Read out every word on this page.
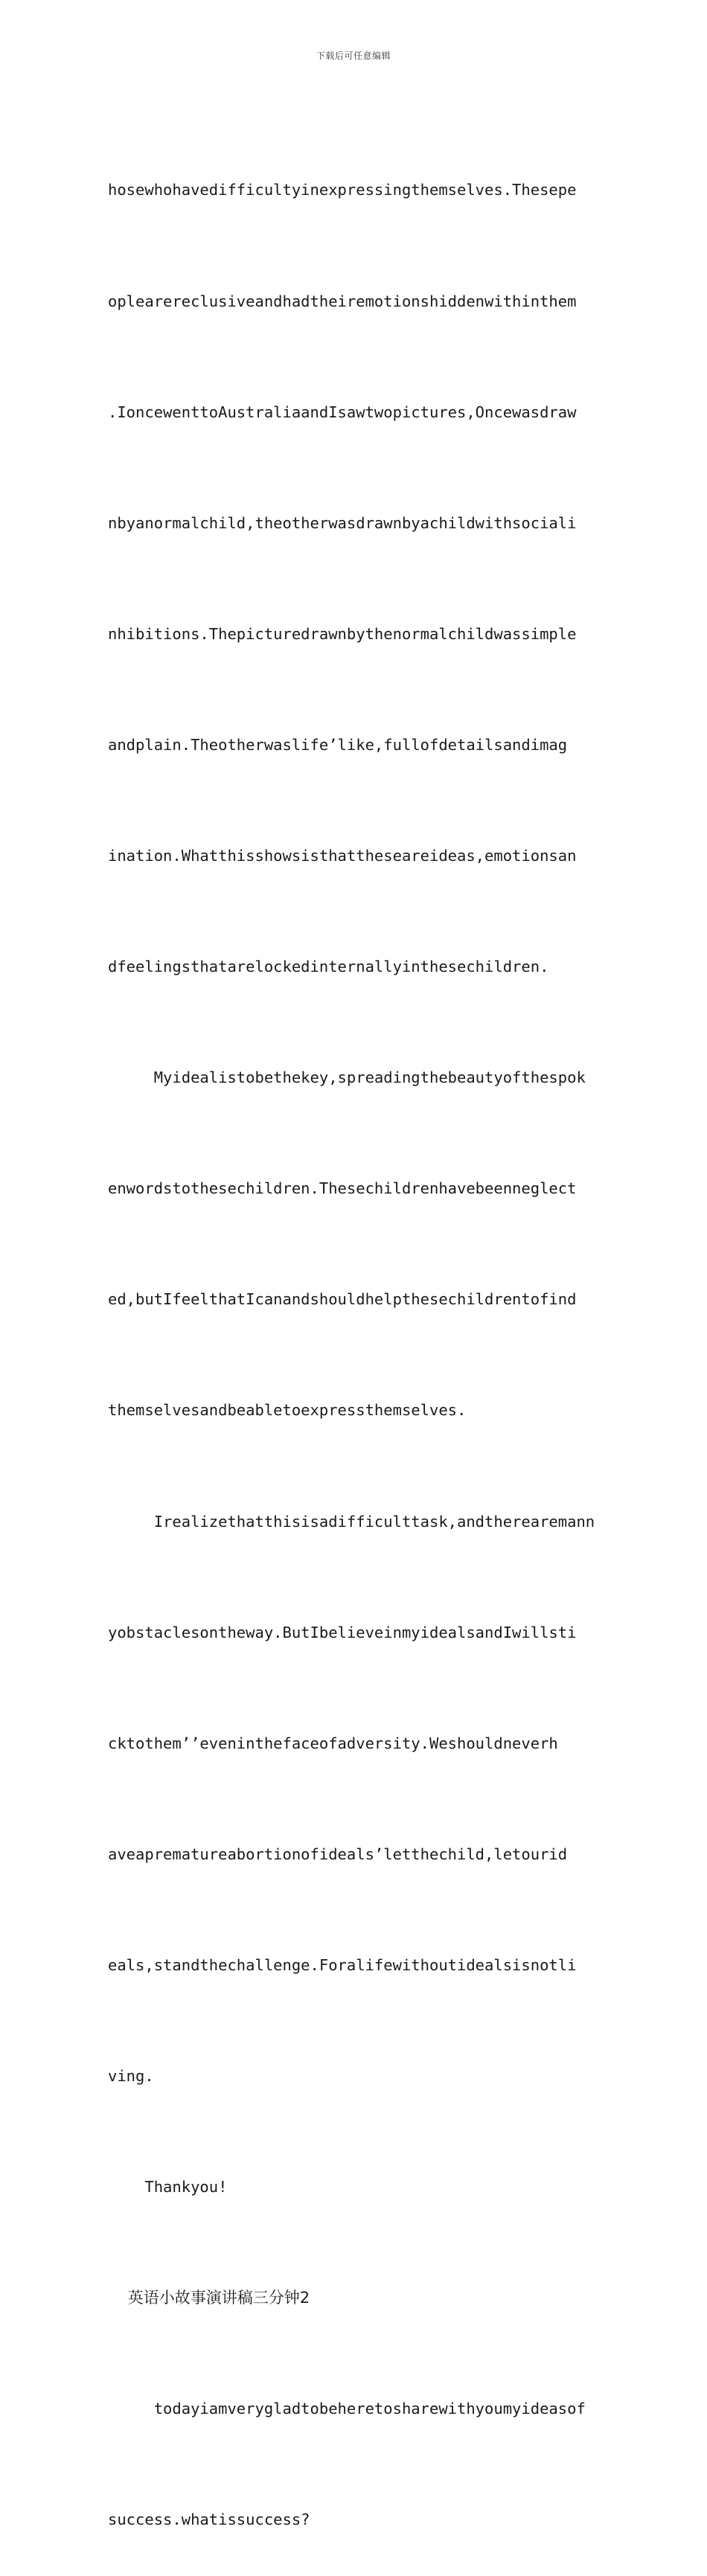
下载后可任意编辑

hosewhohavedifficultyinexpressingthemselves.Thesepe

oplearereclusiveandhadtheiremotionshiddenwithinthem

.IoncewenttoAustraliaandIsawtwopictures,Oncewasdraw

nbyanormalchild,theotherwasdrawnbyachildwithsociali

nhibitions.Thepicturedrawnbythenormalchildwassimple

andplain.Theotherwaslife’like,fullofdetailsandimag

ination.Whatthisshowsisthattheseareideas,emotionsan

dfeelingsthatarelockedinternallyinthesechildren.

Myidealistobethekey,spreadingthebeautyofthespok

enwordstothesechildren.Thesechildrenhavebeenneglect

ed,butIfeelthatIcanandshouldhelpthesechildrentofind

themselvesandbeabletoexpressthemselves.

Irealizethatthisisadifficulttask,andtherearemann

yobstaclesontheway.ButIbelieveinmyidealsandIwillsti

cktothem’’eveninthefaceofadversity.Weshouldneverh

aveaprematureabortionofideals’letthechild,letourid

eals,standthechallenge.Foralifewithoutidealsisnotli

ving.

Thankyou!

英语小故事演讲稿三分钟2

todayiamverygladtobeheretosharewithyoumyideasof

success.whatissuccess?
